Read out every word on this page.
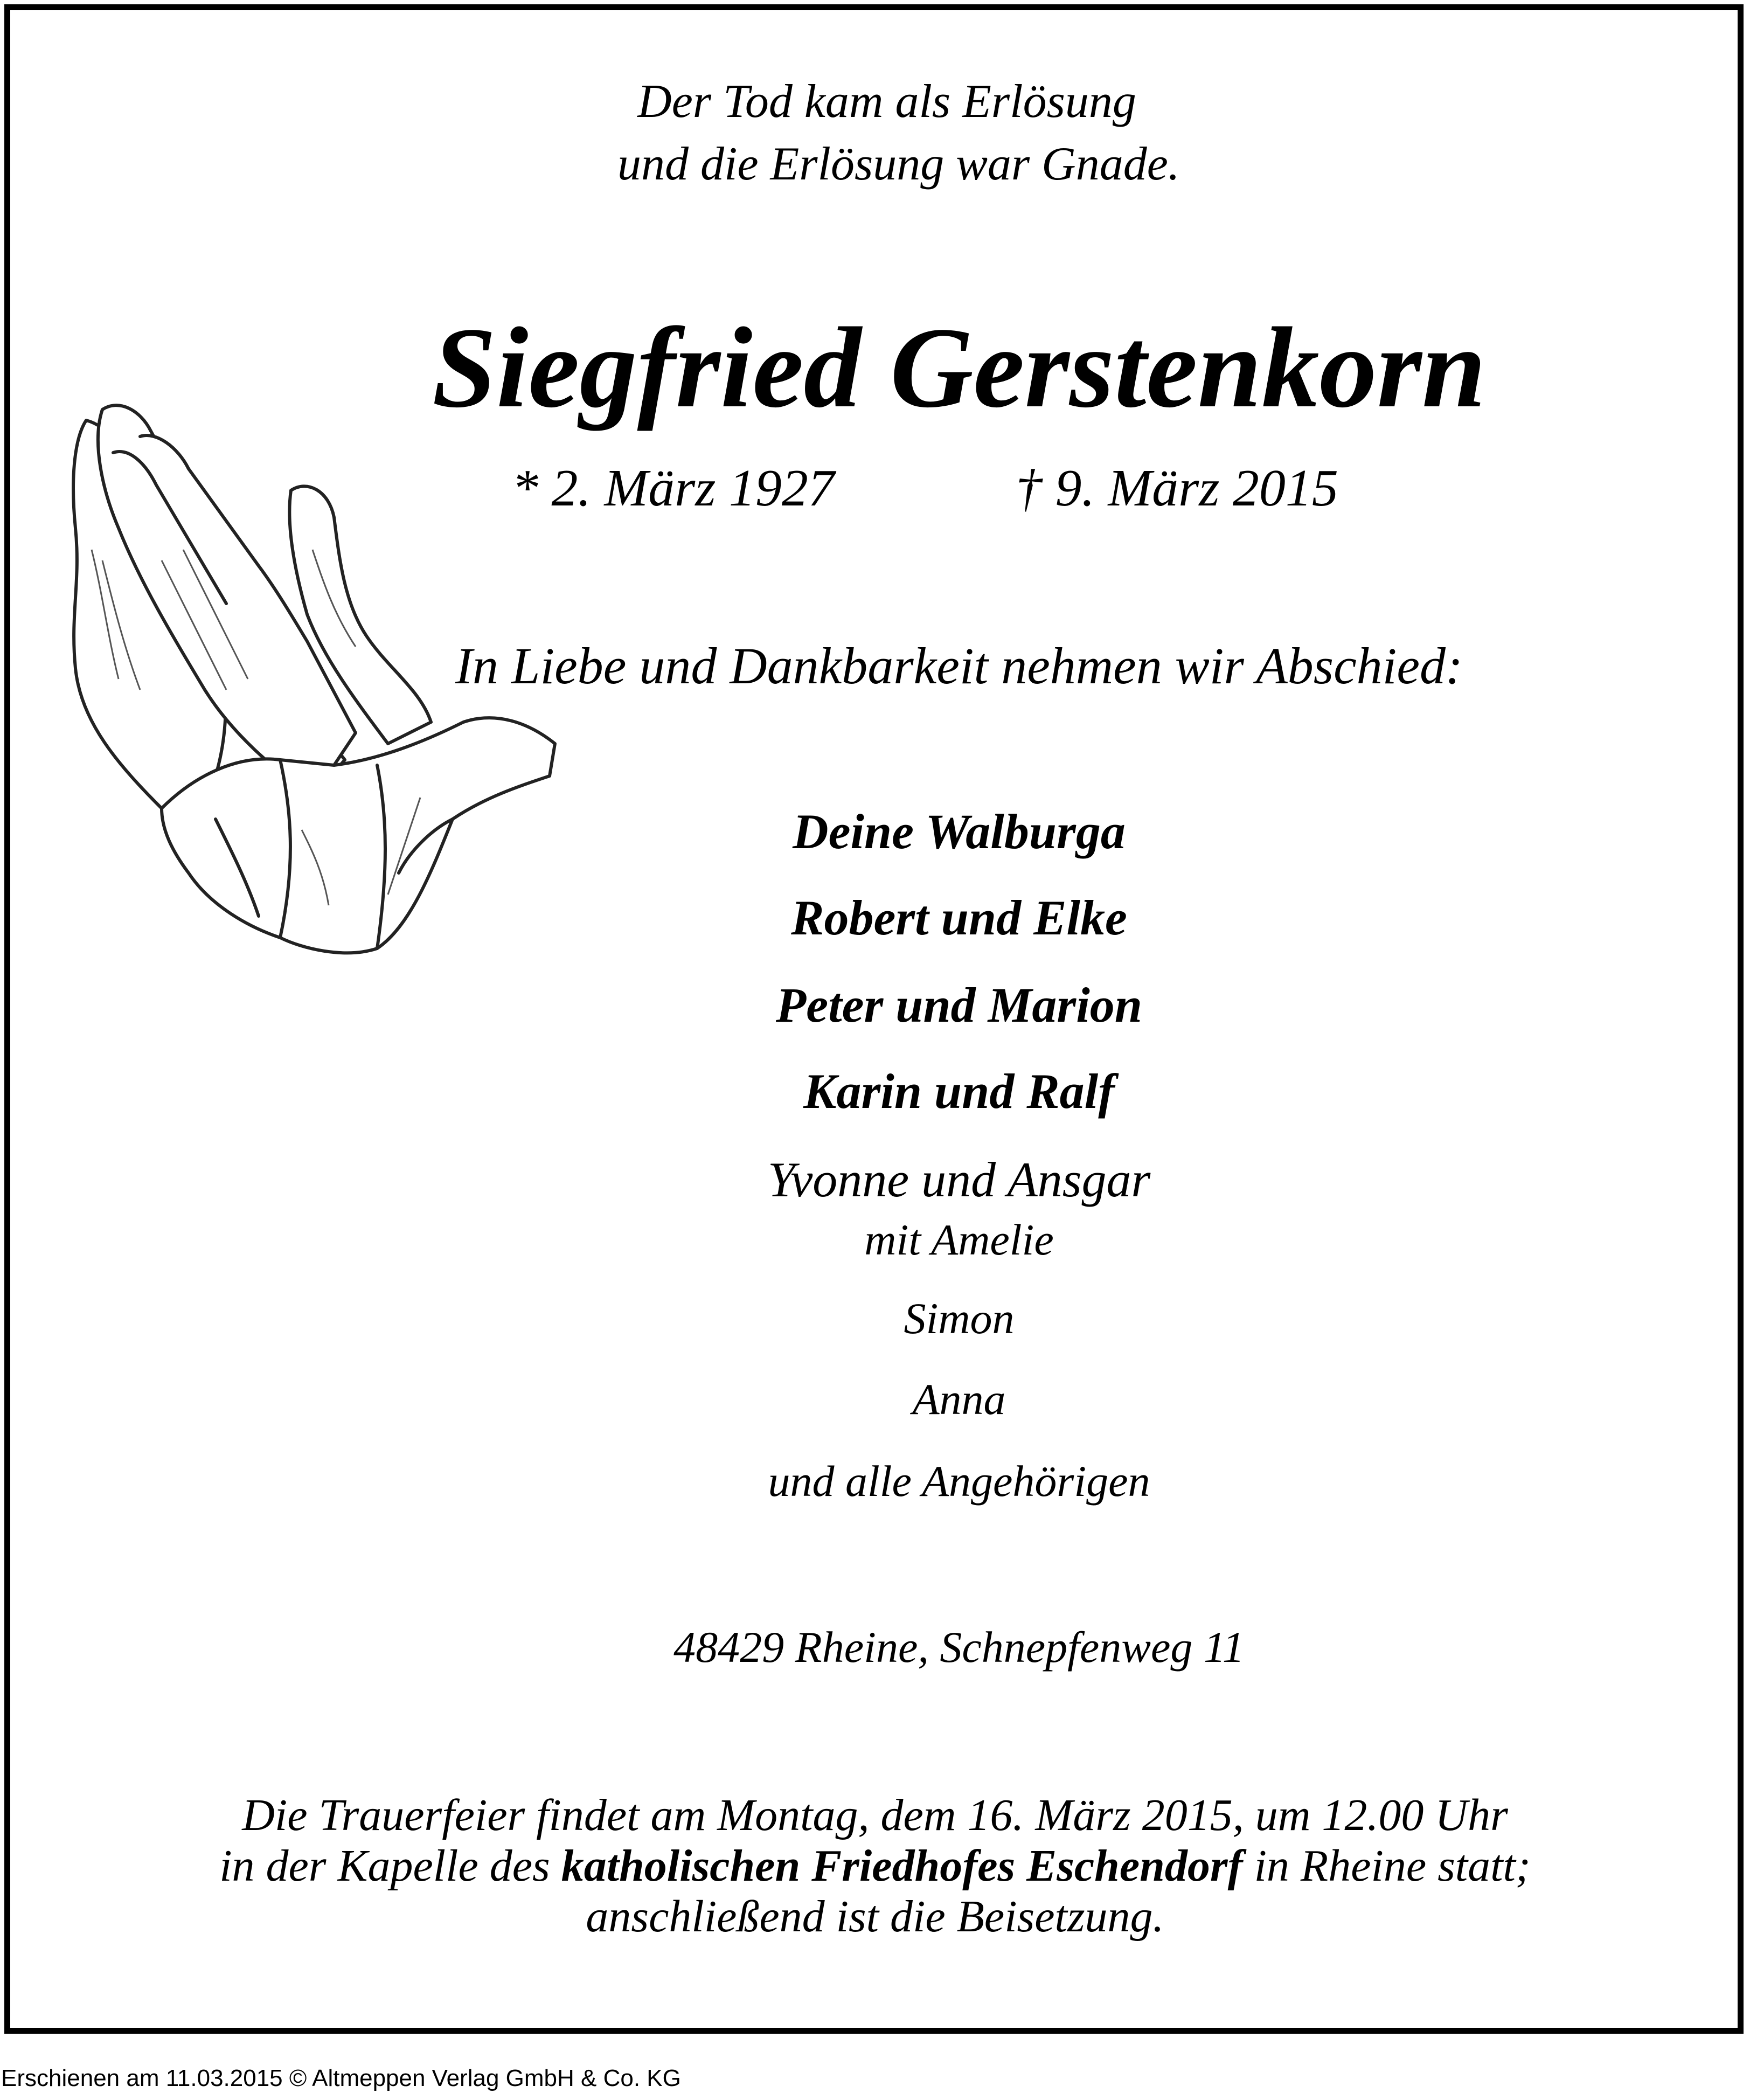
Der Tod kam als Erlösung
und die Erlösung war Gnade.
Siegfried Gerstenkorn
* 2. März 1927	† 9. März 2015
In Liebe und Dankbarkeit nehmen wir Abschied:
Deine Walburga
Robert und Elke
Peter und Marion
Karin und Ralf
Yvonne und Ansgar
mit Amelie
Simon
Anna
und alle Angehörigen
48429 Rheine, Schnepfenweg 11
Die Trauerfeier findet am Montag, dem 16. März 2015, um 12.00 Uhr
in der Kapelle des katholischen Friedhofes Eschendorf in Rheine statt;
anschließend ist die Beisetzung.
Erschienen am 11.03.2015 © Altmeppen Verlag GmbH & Co. KG
